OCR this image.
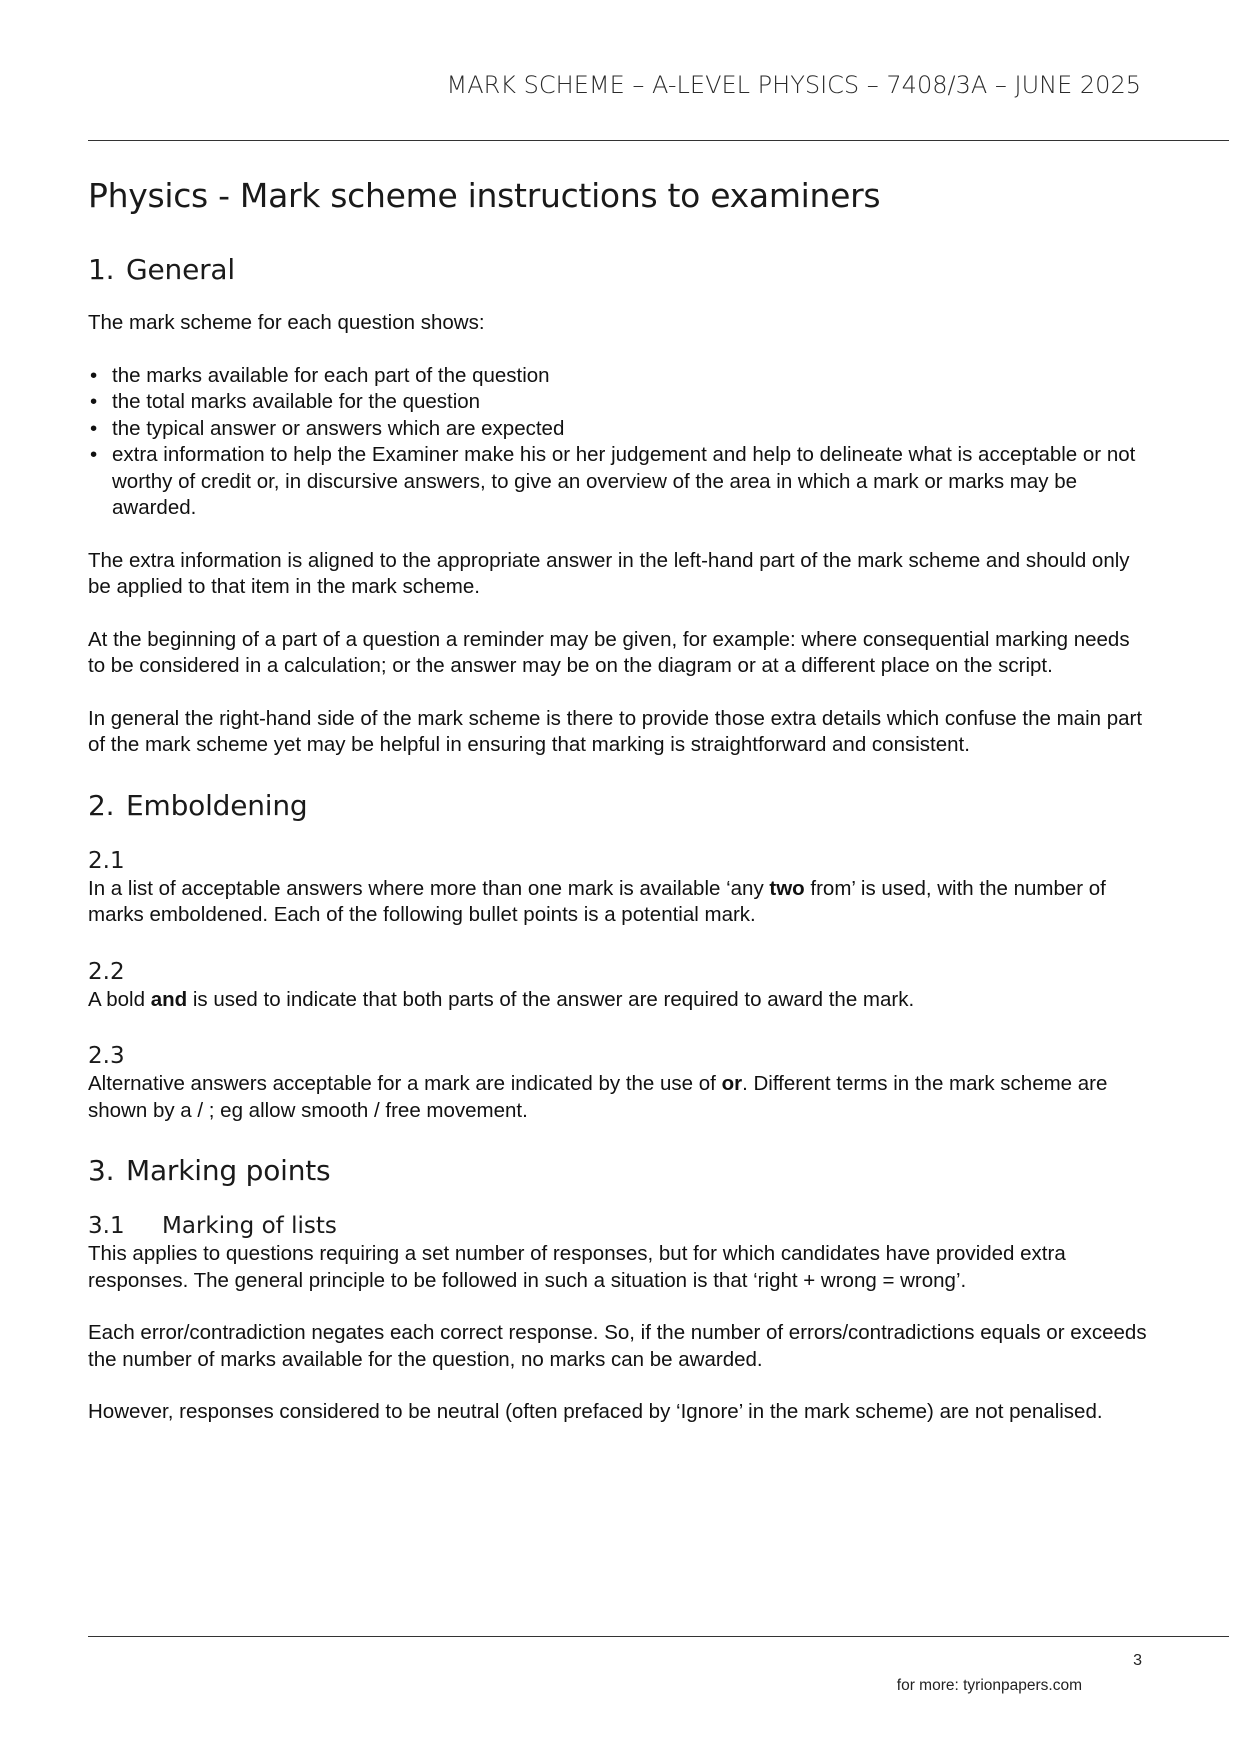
MARK SCHEME – A-LEVEL PHYSICS – 7408/3A – JUNE 2025
Physics - Mark scheme instructions to examiners
1. General

The mark scheme for each question shows:

• the marks available for each part of the question
• the total marks available for the question
• the typical answer or answers which are expected
• extra information to help the Examiner make his or her judgement and help to delineate what is acceptable or not worthy of credit or, in discursive answers, to give an overview of the area in which a mark or marks may be awarded.

The extra information is aligned to the appropriate answer in the left-hand part of the mark scheme and should only be applied to that item in the mark scheme.

At the beginning of a part of a question a reminder may be given, for example: where consequential marking needs to be considered in a calculation; or the answer may be on the diagram or at a different place on the script.

In general the right-hand side of the mark scheme is there to provide those extra details which confuse the main part of the mark scheme yet may be helpful in ensuring that marking is straightforward and consistent.

2. Emboldening
2.1

In a list of acceptable answers where more than one mark is available ‘any two from’ is used, with the number of marks emboldened. Each of the following bullet points is a potential mark.

2.2

A bold and is used to indicate that both parts of the answer are required to award the mark.

2.3

Alternative answers acceptable for a mark are indicated by the use of or. Different terms in the mark scheme are shown by a / ; eg allow smooth / free movement.

3. Marking points
3.1 Marking of lists

This applies to questions requiring a set number of responses, but for which candidates have provided extra responses. The general principle to be followed in such a situation is that ‘right + wrong = wrong’.

Each error/contradiction negates each correct response. So, if the number of errors/contradictions equals or exceeds the number of marks available for the question, no marks can be awarded.

However, responses considered to be neutral (often prefaced by ‘Ignore’ in the mark scheme) are not penalised.

3
for more: tyrionpapers.com
